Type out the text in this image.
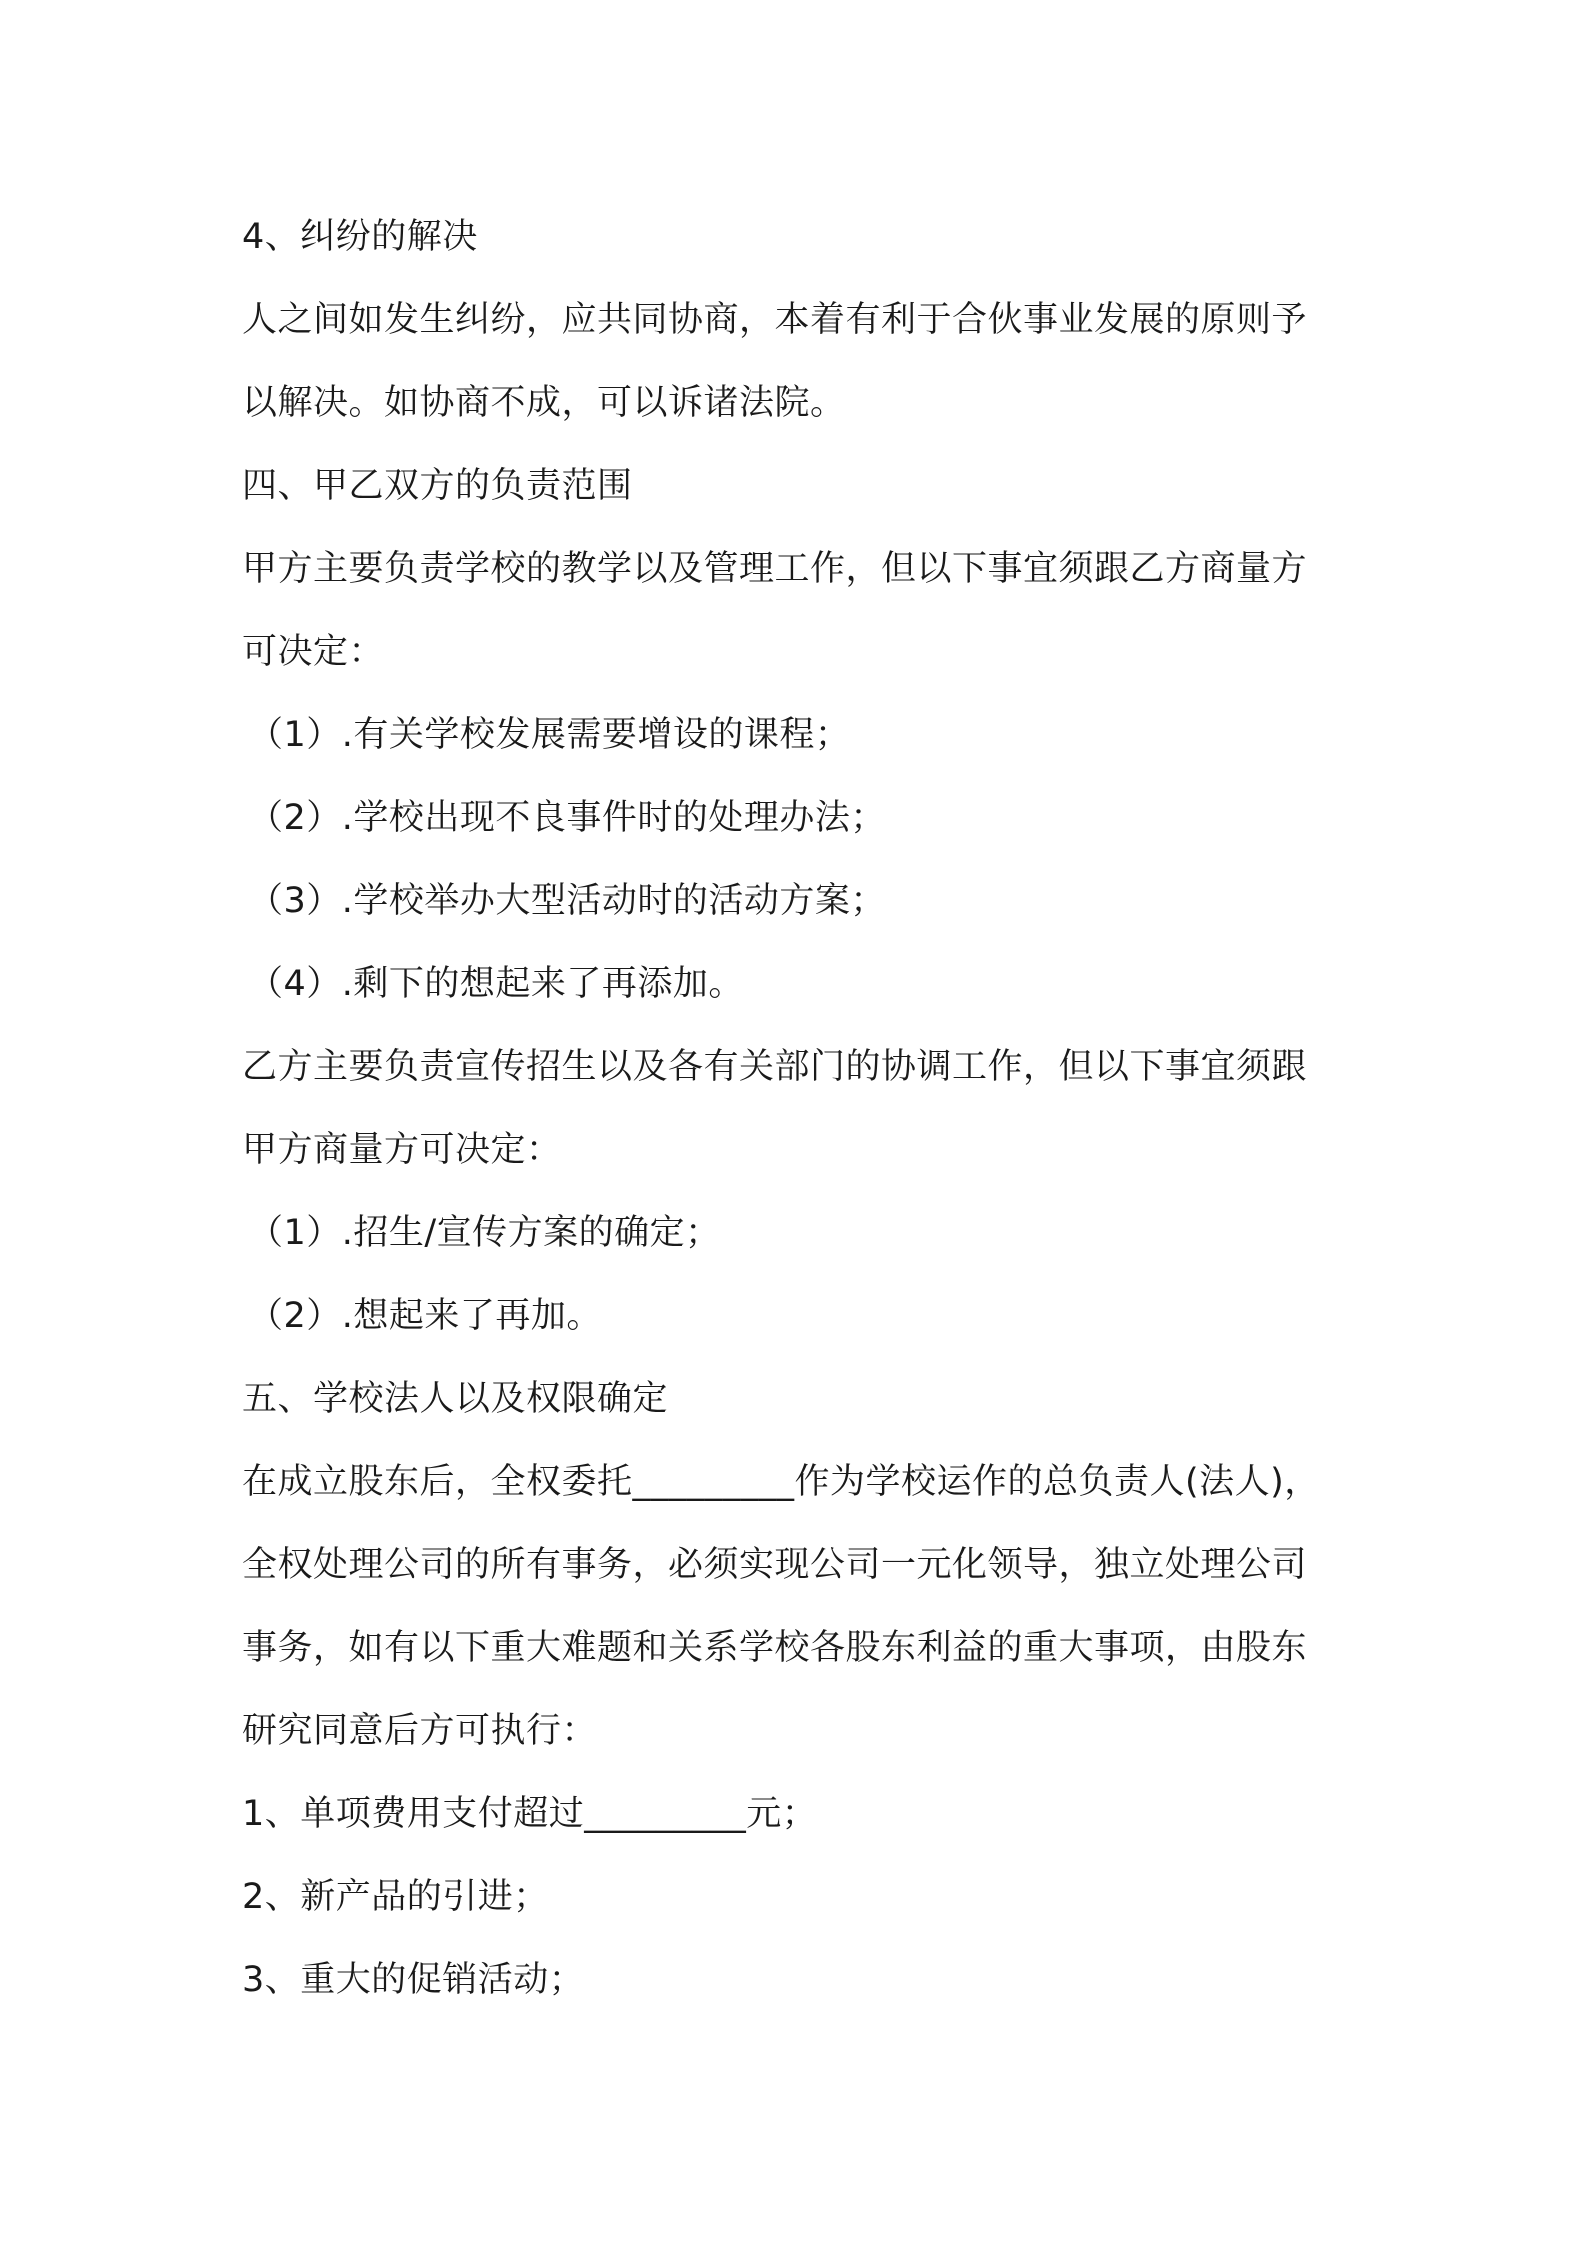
4、纠纷的解决
人之间如发生纠纷，应共同协商，本着有利于合伙事业发展的原则予
以解决。如协商不成，可以诉诸法院。
四、甲乙双方的负责范围
甲方主要负责学校的教学以及管理工作，但以下事宜须跟乙方商量方
可决定：
（1）.有关学校发展需要增设的课程；
（2）.学校出现不良事件时的处理办法；
（3）.学校举办大型活动时的活动方案；
（4）.剩下的想起来了再添加。
乙方主要负责宣传招生以及各有关部门的协调工作，但以下事宜须跟
甲方商量方可决定：
（1）.招生/宣传方案的确定；
（2）.想起来了再加。
五、学校法人以及权限确定
在成立股东后，全权委托_________作为学校运作的总负责人(法人)，
全权处理公司的所有事务，必须实现公司一元化领导，独立处理公司
事务，如有以下重大难题和关系学校各股东利益的重大事项，由股东
研究同意后方可执行：
1、单项费用支付超过_________元；
2、新产品的引进；
3、重大的促销活动；
